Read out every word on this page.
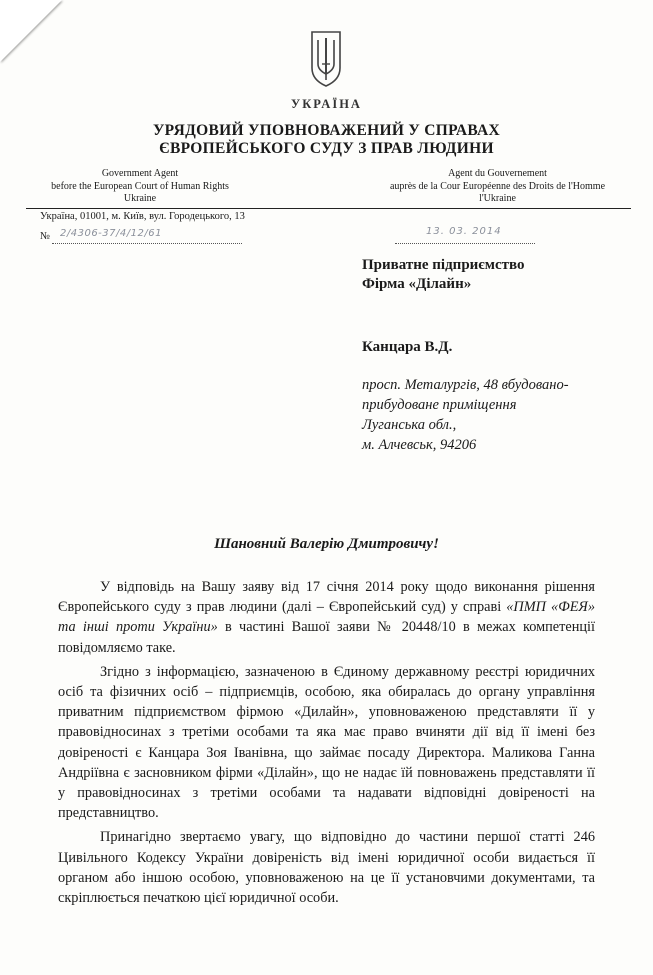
УКРАЇНА
УРЯДОВИЙ УПОВНОВАЖЕНИЙ У СПРАВАХ
ЄВРОПЕЙСЬКОГО СУДУ З ПРАВ ЛЮДИНИ
Government Agent
before the European Court of Human Rights
Ukraine
Agent du Gouvernement
auprès de la Cour Européenne des Droits de l'Homme
l'Ukraine
Україна, 01001, м. Київ, вул. Городецького, 13
№ 2/4306-37/4/12/61	13. 03. 2014
Приватне підприємство
Фірма «Ділайн»
Канцара В.Д.
просп. Металургів, 48 вбудовано-
прибудоване приміщення
Луганська обл.,
м. Алчевськ, 94206
Шановний Валерію Дмитровичу!

У відповідь на Вашу заяву від 17 січня 2014 року щодо виконання рішення Європейського суду з прав людини (далі – Європейський суд) у справі «ПМП «ФЕЯ» та інші проти України» в частині Вашої заяви № 20448/10 в межах компетенції повідомляємо таке.

Згідно з інформацією, зазначеною в Єдиному державному реєстрі юридичних осіб та фізичних осіб – підприємців, особою, яка обиралась до органу управління приватним підприємством фірмою «Дилайн», уповноваженою представляти її у правовідносинах з третіми особами та яка має право вчиняти дії від її імені без довіреності є Канцара Зоя Іванівна, що займає посаду Директора. Маликова Ганна Андріївна є засновником фірми «Ділайн», що не надає їй повноважень представляти її у правовідносинах з третіми особами та надавати відповідні довіреності на представництво.

Принагідно звертаємо увагу, що відповідно до частини першої статті 246 Цивільного Кодексу України довіреність від імені юридичної особи видається її органом або іншою особою, уповноваженою на це її установчими документами, та скріплюється печаткою цієї юридичної особи.
